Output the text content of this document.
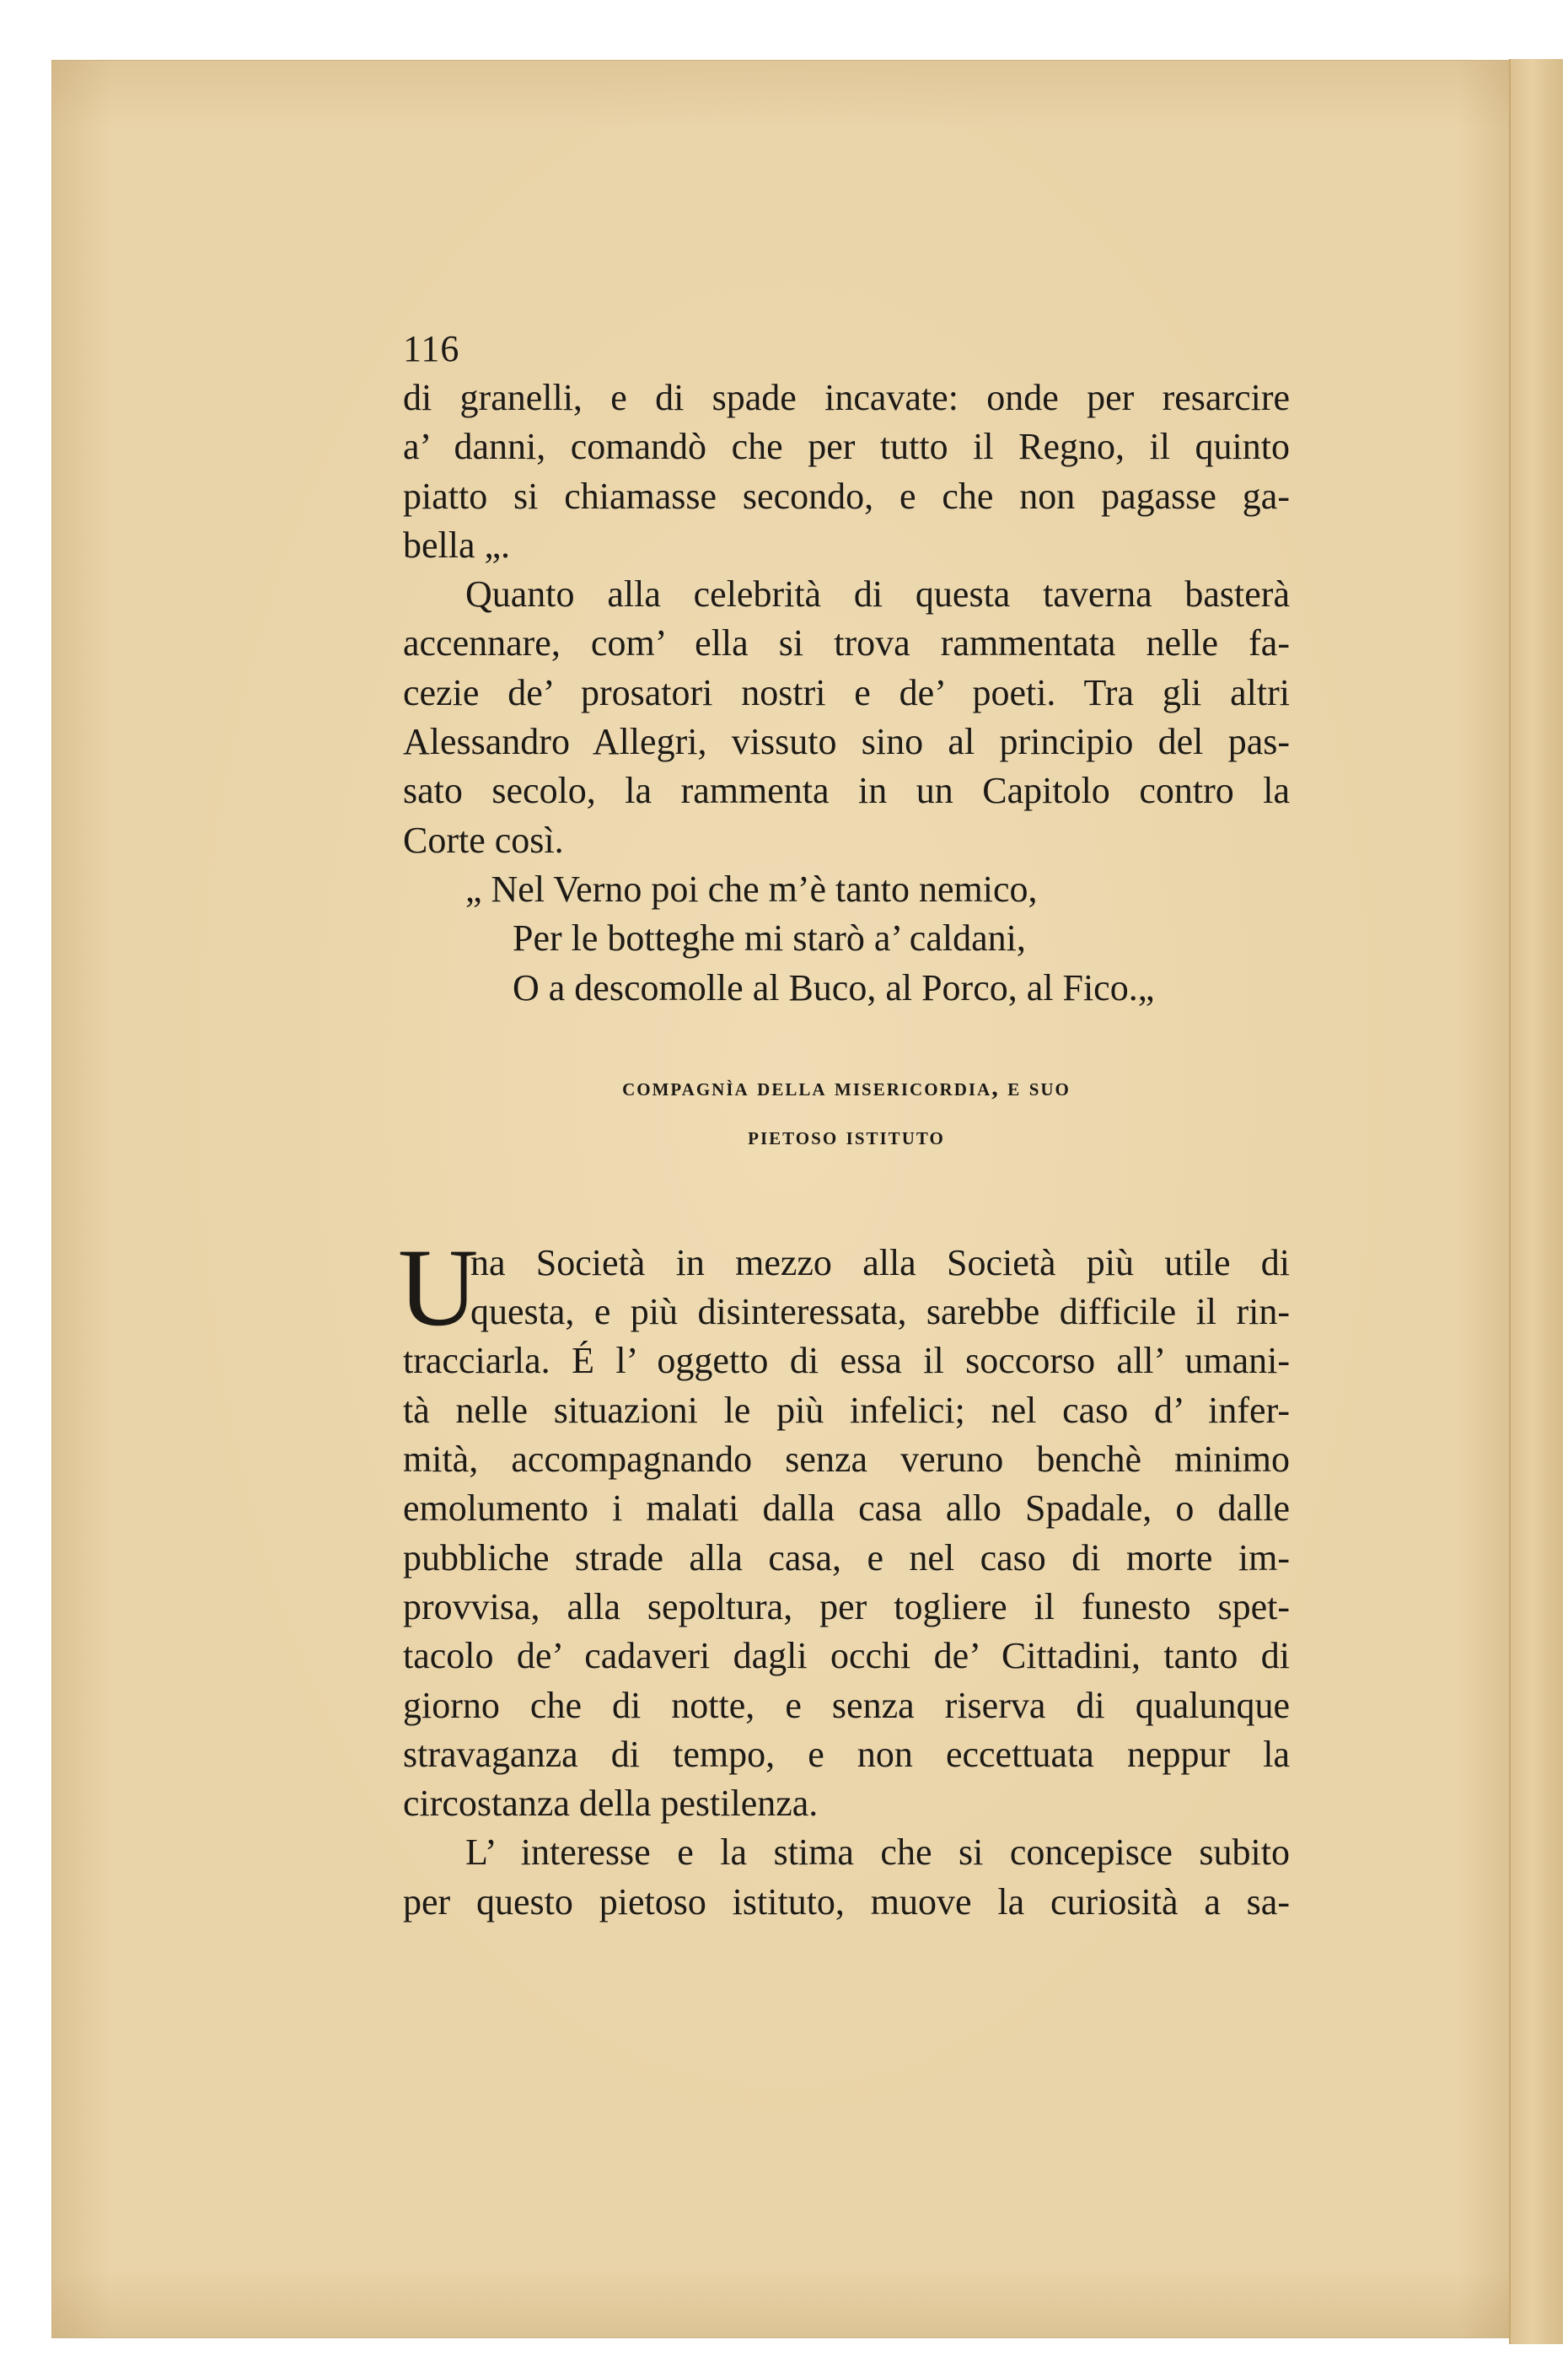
116
di granelli, e di spade incavate: onde per resarcire
a’ danni, comandò che per tutto il Regno, il quinto
piatto si chiamasse secondo, e che non pagasse ga-
bella „.
Quanto alla celebrità di questa taverna basterà
accennare, com’ ella si trova rammentata nelle fa-
cezie de’ prosatori nostri e de’ poeti. Tra gli altri
Alessandro Allegri, vissuto sino al principio del pas-
sato secolo, la rammenta in un Capitolo contro la
Corte così.
„ Nel Verno poi che m’è tanto nemico,
Per le botteghe mi starò a’ caldani,
O a descomolle al Buco, al Porco, al Fico.„
compagnìa della misericordia, e suo
pietoso istituto
U
na Società in mezzo alla Società più utile di
questa, e più disinteressata, sarebbe difficile il rin-
tracciarla. É l’ oggetto di essa il soccorso all’ umani-
tà nelle situazioni le più infelici; nel caso d’ infer-
mità, accompagnando senza veruno benchè minimo
emolumento i malati dalla casa allo Spadale, o dalle
pubbliche strade alla casa, e nel caso di morte im-
provvisa, alla sepoltura, per togliere il funesto spet-
tacolo de’ cadaveri dagli occhi de’ Cittadini, tanto di
giorno che di notte, e senza riserva di qualunque
stravaganza di tempo, e non eccettuata neppur la
circostanza della pestilenza.
L’ interesse e la stima che si concepisce subito
per questo pietoso istituto, muove la curiosità a sa-
